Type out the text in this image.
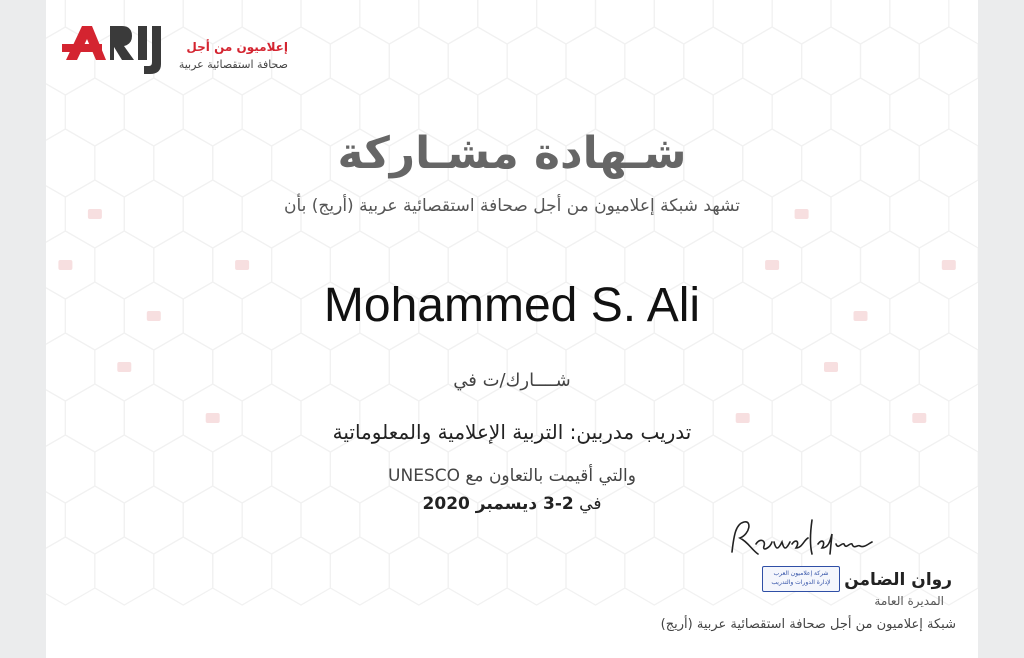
إعلاميون من أجل
صحافة استقصائية عربية
شـهادة مشـاركة
تشهد شبكة إعلاميون من أجل صحافة استقصائية عربية (أريج) بأن
Mohammed S. Ali
شــــارك/ت في
تدريب مدربين: التربية الإعلامية والمعلوماتية
والتي أقيمت بالتعاون مع UNESCO
في 2-3 ديسمبر 2020
شركة إعلاميون العرب
لإدارة الدورات والتدريب روان الضامن
المديرة العامة
شبكة إعلاميون من أجل صحافة استقصائية عربية (أريج)
